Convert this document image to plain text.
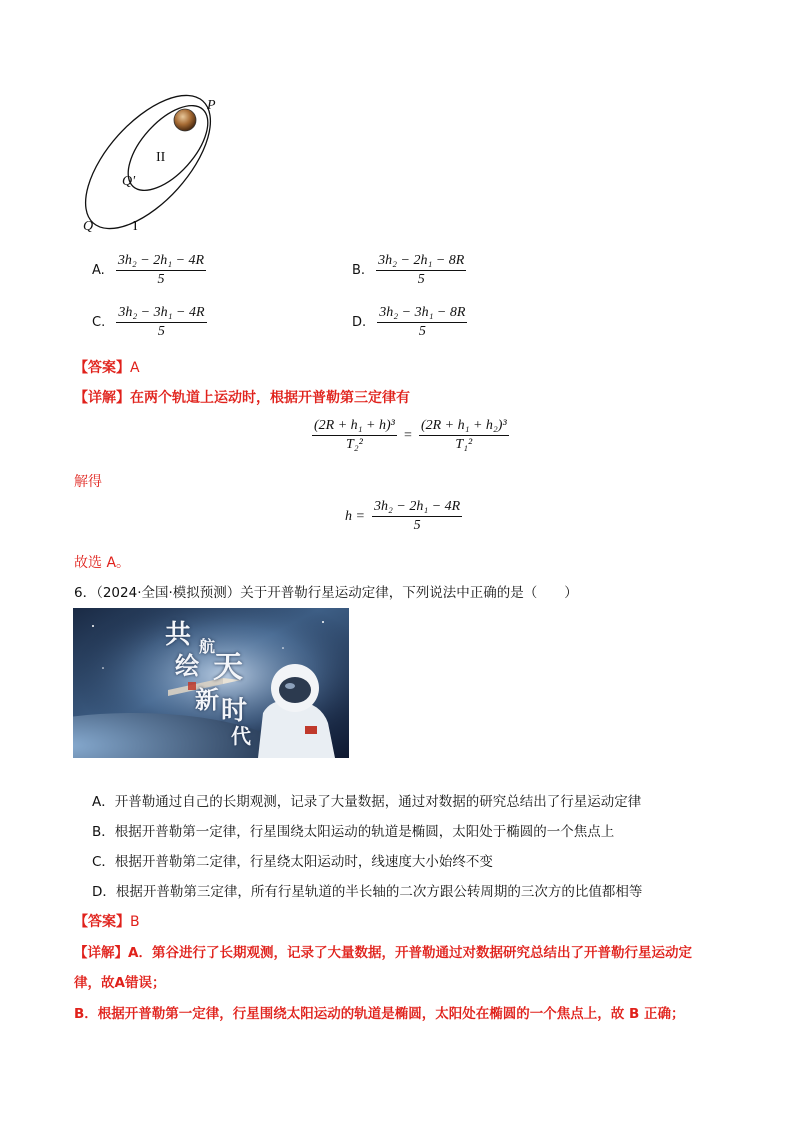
P
II
Q'
Q	I
A. $\frac{\text{3h₂ − 2h₁ − 4R}}{5}$	B. $\frac{\text{3h₂ − 2h₁ − 8R}}{5}$
C. $\frac{\text{3h₂ − 3h₁ − 4R}}{5}$	D. $\frac{\text{3h₂ − 3h₁ − 8R}}{5}$
【答案】A
【详解】在两个轨道上运动时，根据开普勒第三定律有
$\frac{\text{(2R + h₁ + h)³}}{\text{T₂²}} = \frac{\text{(2R + h₁ + h₂)³}}{\text{T₁²}}$
解得
$h = \frac{\text{3h₂ − 2h₁ − 4R}}{5}$
故选 A。
6．（2024·全国·模拟预测）关于开普勒行星运动定律，下列说法中正确的是（　　）
共
绘
航
天
新 时
代
A．开普勒通过自己的长期观测，记录了大量数据，通过对数据的研究总结出了行星运动定律
B．根据开普勒第一定律，行星围绕太阳运动的轨道是椭圆，太阳处于椭圆的一个焦点上
C．根据开普勒第二定律，行星绕太阳运动时，线速度大小始终不变
D．根据开普勒第三定律，所有行星轨道的半长轴的二次方跟公转周期的三次方的比值都相等
【答案】B
【详解】A．第谷进行了长期观测，记录了大量数据，开普勒通过对数据研究总结出了开普勒行星运动定
律，故A错误；
B．根据开普勒第一定律，行星围绕太阳运动的轨道是椭圆，太阳处在椭圆的一个焦点上，故 B 正确；
